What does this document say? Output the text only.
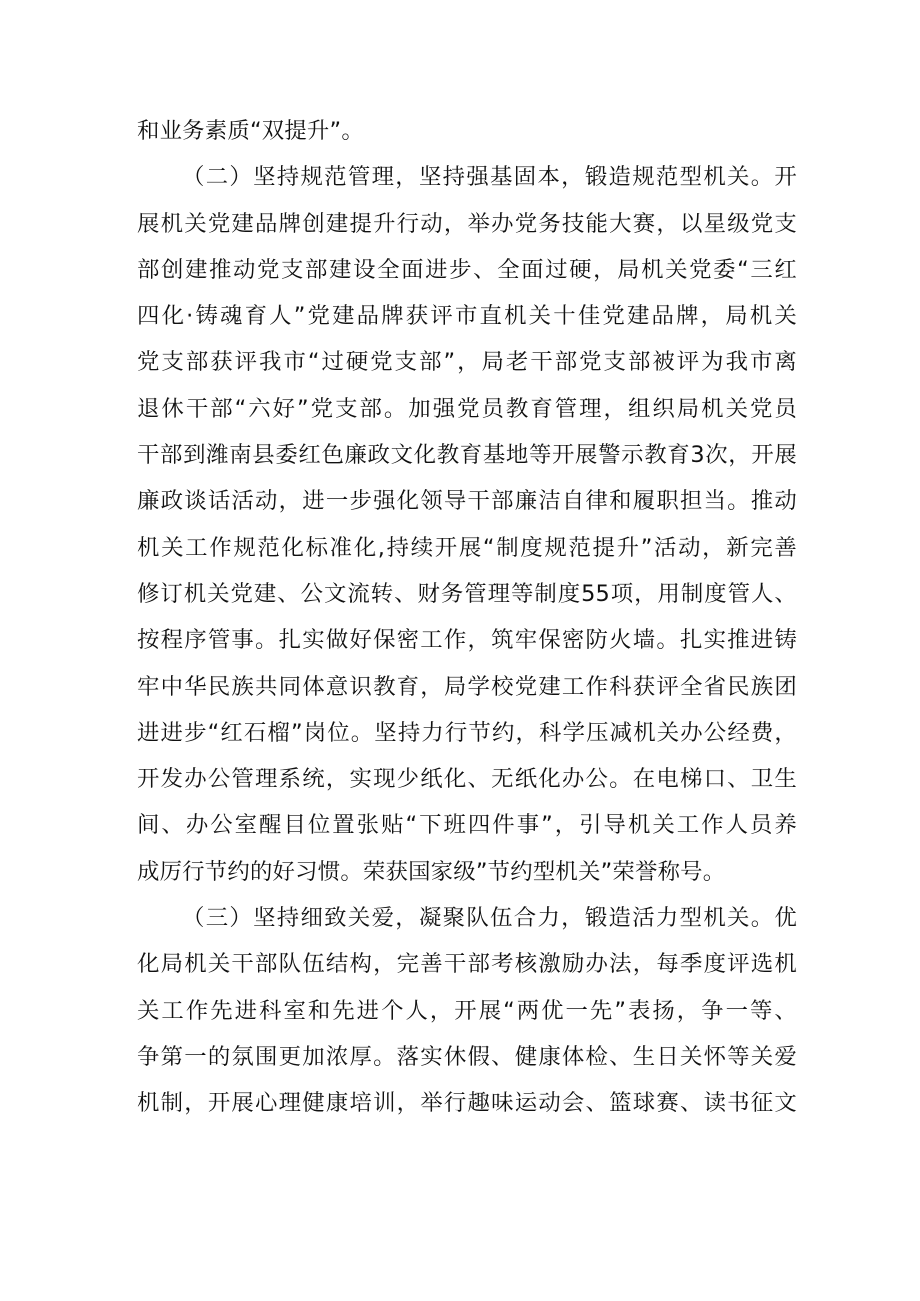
和业务素质“双提升”。
（二）坚持规范管理，坚持强基固本，锻造规范型机关。开
展机关党建品牌创建提升行动，举办党务技能大赛，以星级党支
部创建推动党支部建设全面进步、全面过硬，局机关党委“三红
四化·铸魂育人”党建品牌获评市直机关十佳党建品牌，局机关
党支部获评我市“过硬党支部”，局老干部党支部被评为我市离
退休干部“六好”党支部。加强党员教育管理，组织局机关党员
干部到潍南县委红色廉政文化教育基地等开展警示教育3次，开展
廉政谈话活动，进一步强化领导干部廉洁自律和履职担当。推动
机关工作规范化标准化,持续开展“制度规范提升”活动，新完善
修订机关党建、公文流转、财务管理等制度55项，用制度管人、
按程序管事。扎实做好保密工作，筑牢保密防火墙。扎实推进铸
牢中华民族共同体意识教育，局学校党建工作科获评全省民族团
进进步“红石榴”岗位。坚持力行节约，科学压减机关办公经费，
开发办公管理系统，实现少纸化、无纸化办公。在电梯口、卫生
间、办公室醒目位置张贴“下班四件事”，引导机关工作人员养
成厉行节约的好习惯。荣获国家级”节约型机关”荣誉称号。
（三）坚持细致关爱，凝聚队伍合力，锻造活力型机关。优
化局机关干部队伍结构，完善干部考核激励办法，每季度评选机
关工作先进科室和先进个人，开展“两优一先”表扬，争一等、
争第一的氛围更加浓厚。落实休假、健康体检、生日关怀等关爱
机制，开展心理健康培训，举行趣味运动会、篮球赛、读书征文
